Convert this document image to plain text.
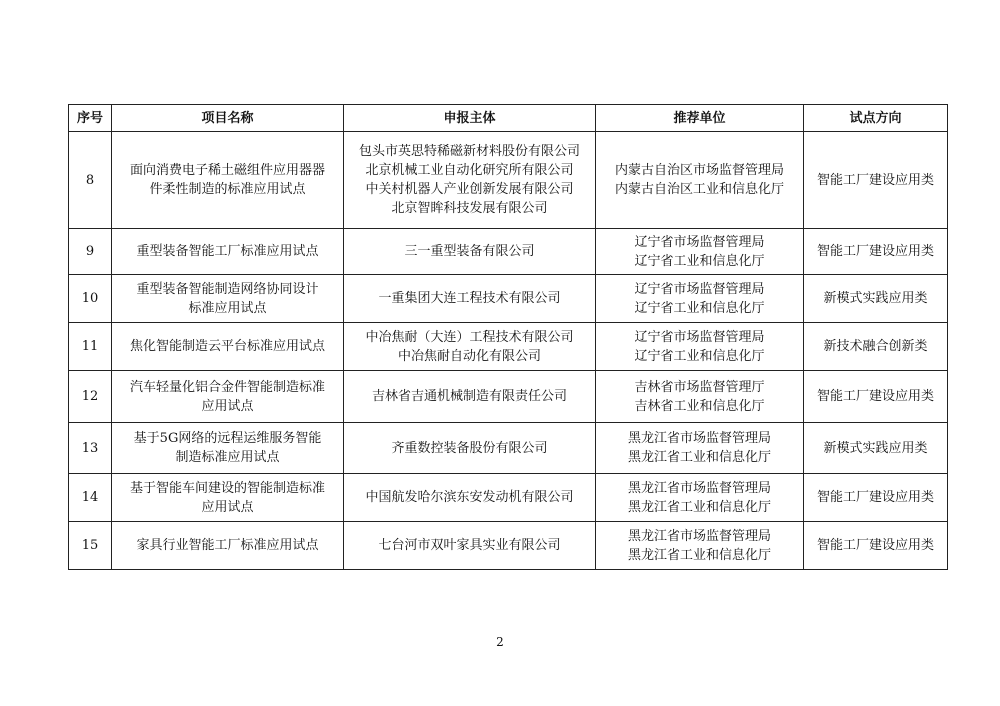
序号	项目名称	申报主体	推荐单位	试点方向
8	面向消费电子稀土磁组件应用器器
件柔性制造的标准应用试点	包头市英思特稀磁新材料股份有限公司
北京机械工业自动化研究所有限公司
中关村机器人产业创新发展有限公司
北京智眸科技发展有限公司	内蒙古自治区市场监督管理局
内蒙古自治区工业和信息化厅	智能工厂建设应用类
9	重型装备智能工厂标准应用试点	三一重型装备有限公司	辽宁省市场监督管理局
辽宁省工业和信息化厅	智能工厂建设应用类
10	重型装备智能制造网络协同设计
标准应用试点	一重集团大连工程技术有限公司	辽宁省市场监督管理局
辽宁省工业和信息化厅	新模式实践应用类
11	焦化智能制造云平台标准应用试点	中冶焦耐（大连）工程技术有限公司
中冶焦耐自动化有限公司	辽宁省市场监督管理局
辽宁省工业和信息化厅	新技术融合创新类
12	汽车轻量化铝合金件智能制造标准
应用试点	吉林省吉通机械制造有限责任公司	吉林省市场监督管理厅
吉林省工业和信息化厅	智能工厂建设应用类
13	基于5G网络的远程运维服务智能
制造标准应用试点	齐重数控装备股份有限公司	黑龙江省市场监督管理局
黑龙江省工业和信息化厅	新模式实践应用类
14	基于智能车间建设的智能制造标准
应用试点	中国航发哈尔滨东安发动机有限公司	黑龙江省市场监督管理局
黑龙江省工业和信息化厅	智能工厂建设应用类
15	家具行业智能工厂标准应用试点	七台河市双叶家具实业有限公司	黑龙江省市场监督管理局
黑龙江省工业和信息化厅	智能工厂建设应用类
2
